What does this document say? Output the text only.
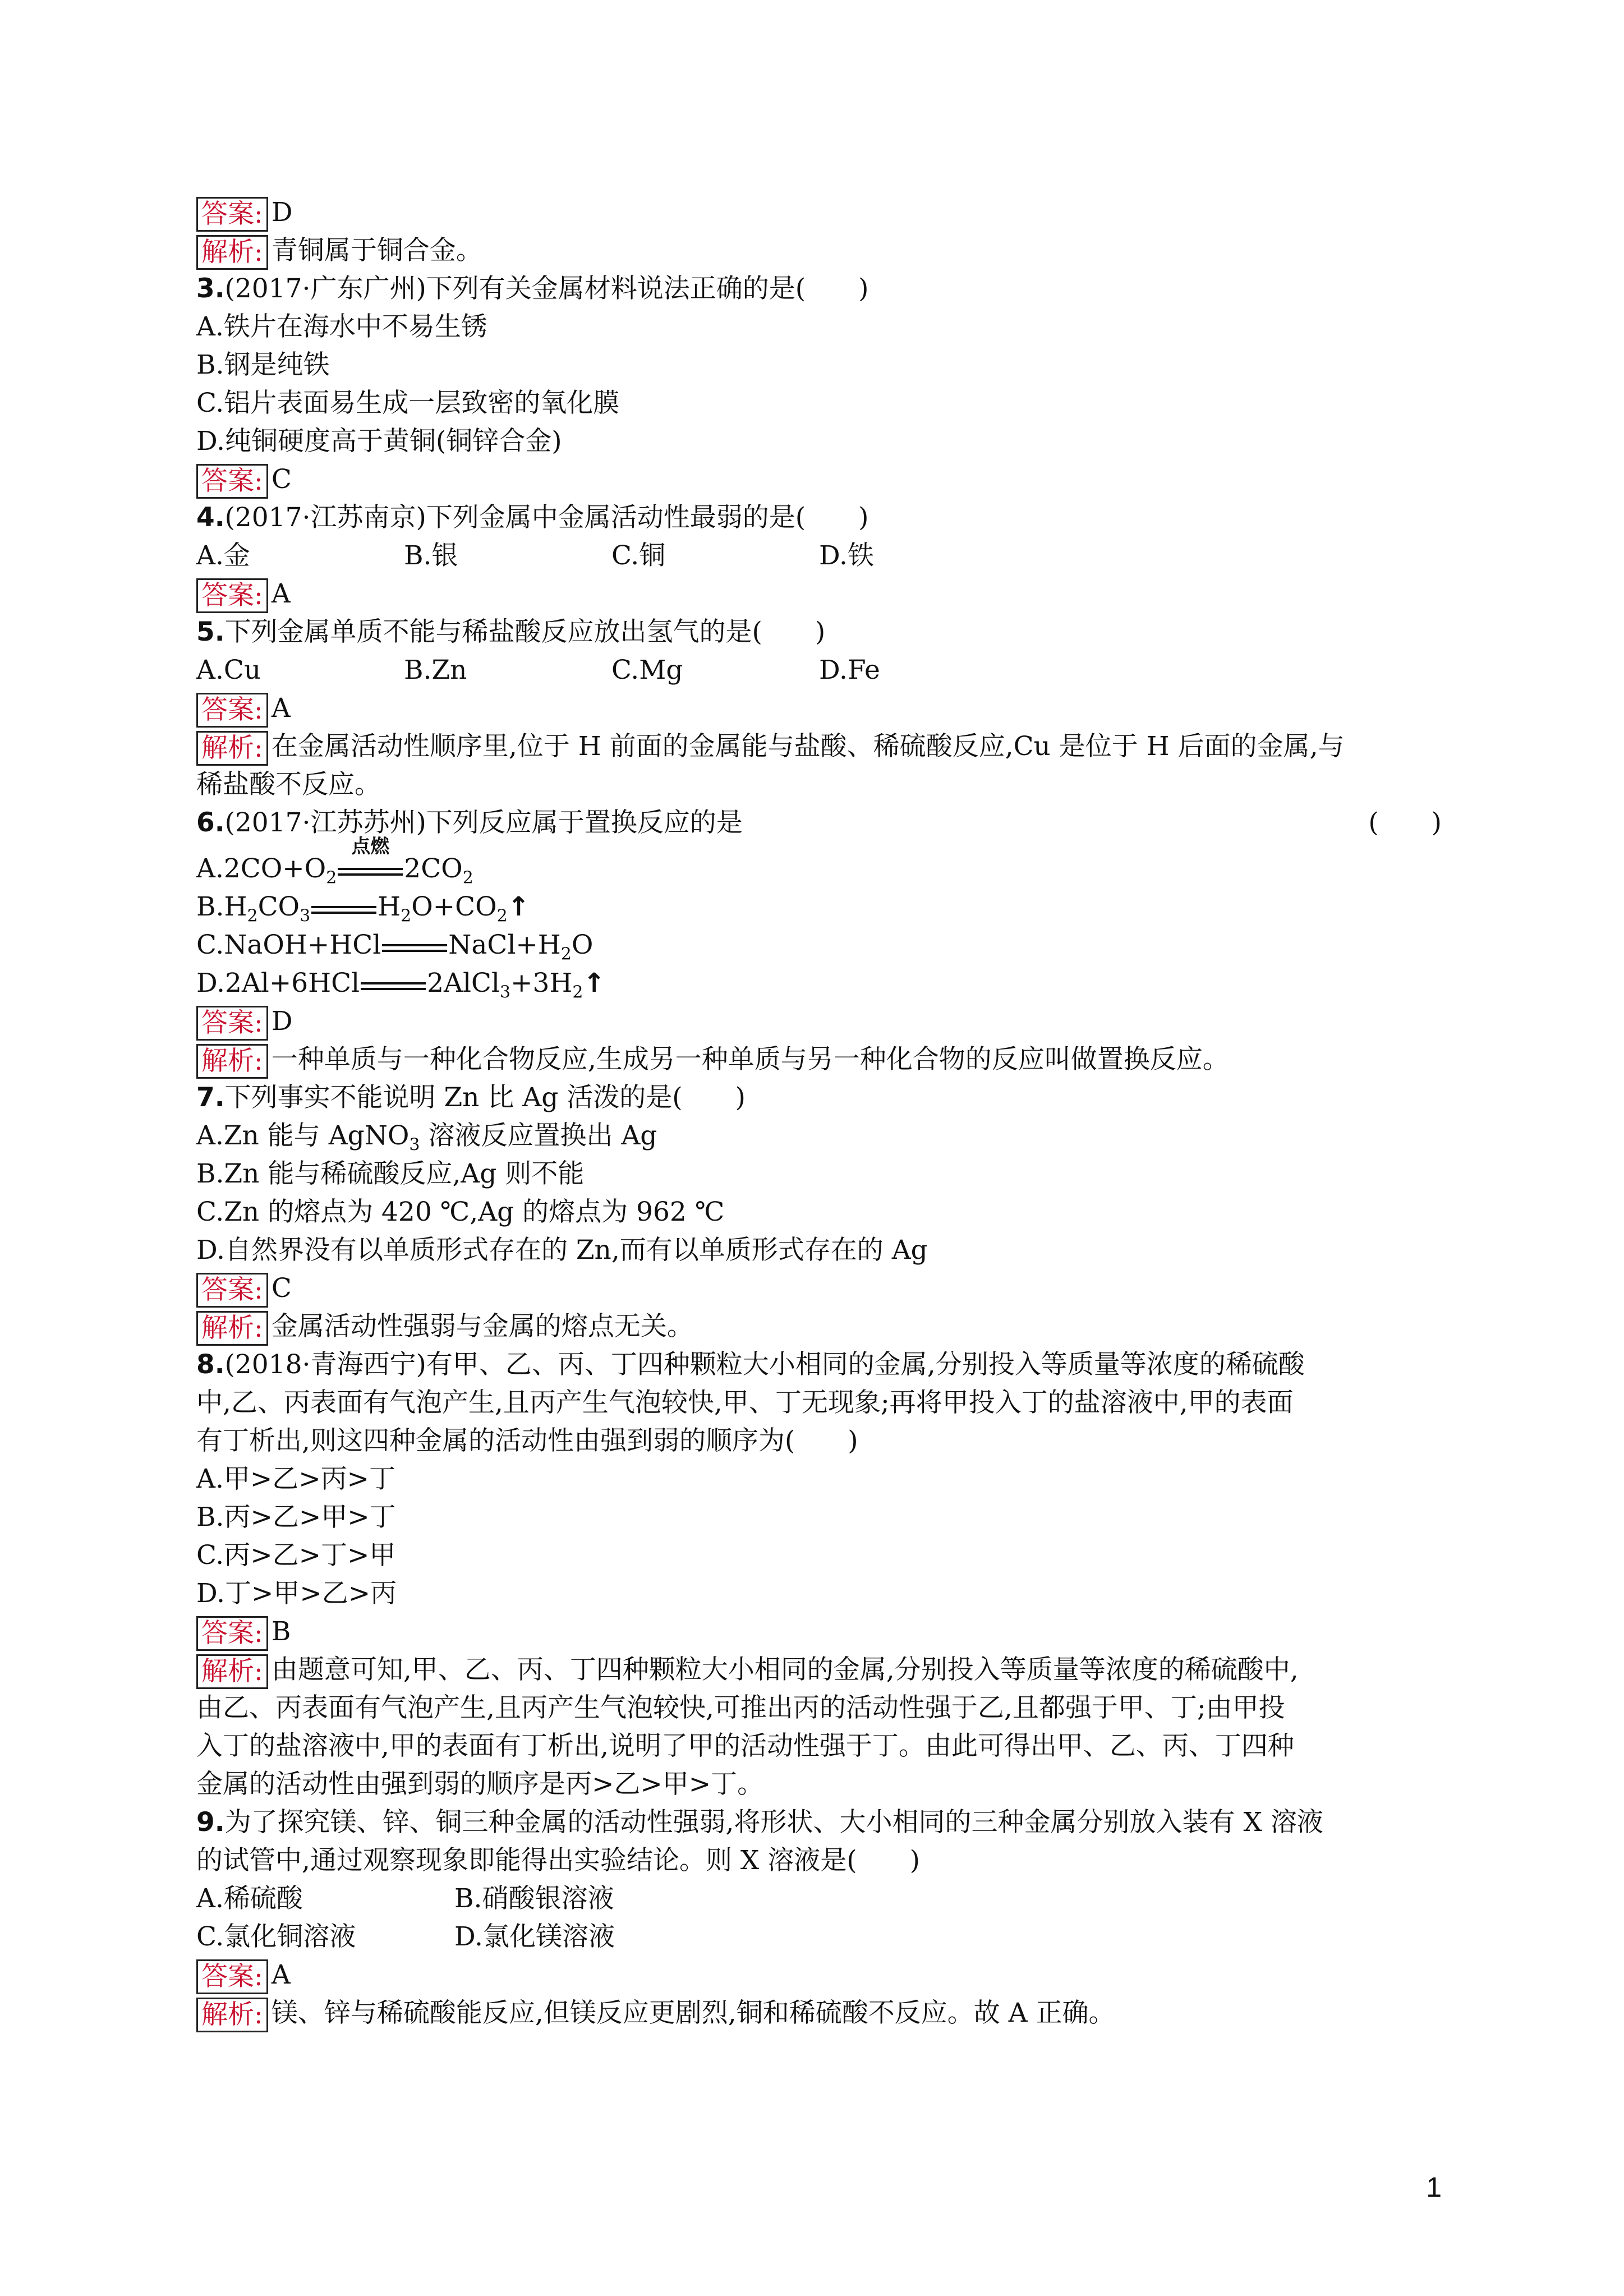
答案: D
解析: 青铜属于铜合金。
3.(2017·广东广州)下列有关金属材料说法正确的是(　　)
A.铁片在海水中不易生锈
B.钢是纯铁
C.铝片表面易生成一层致密的氧化膜
D.纯铜硬度高于黄铜(铜锌合金)
答案: C
4.(2017·江苏南京)下列金属中金属活动性最弱的是(　　)
A.金	B.银	C.铜	D.铁
答案: A
5.下列金属单质不能与稀盐酸反应放出氢气的是(　　)
A.Cu	B.Zn	C.Mg	D.Fe
答案: A
解析: 在金属活动性顺序里,位于 H 前面的金属能与盐酸、稀硫酸反应,Cu 是位于 H 后面的金属,与
稀盐酸不反应。
6.(2017·江苏苏州)下列反应属于置换反应的是	(　　)
$A.2CO+O_2$
点燃
$2CO_2$
$B.H_2CO_3$	$H_2O+CO_2↑$
C.NaOH+HCl	$NaCl+H_2O$
D.2Al+6HCl	$2AlCl_3+3H_2↑$
答案: D
解析: 一种单质与一种化合物反应,生成另一种单质与另一种化合物的反应叫做置换反应。
7.下列事实不能说明 Zn 比 Ag 活泼的是(　　)
A.Zn 能与 AgNO$_3$ 溶液反应置换出 Ag
B.Zn 能与稀硫酸反应,Ag 则不能
C.Zn 的熔点为 420 ℃,Ag 的熔点为 962 ℃
D.自然界没有以单质形式存在的 Zn,而有以单质形式存在的 Ag
答案: C
解析: 金属活动性强弱与金属的熔点无关。
8.(2018·青海西宁)有甲、乙、丙、丁四种颗粒大小相同的金属,分别投入等质量等浓度的稀硫酸
中,乙、丙表面有气泡产生,且丙产生气泡较快,甲、丁无现象;再将甲投入丁的盐溶液中,甲的表面
有丁析出,则这四种金属的活动性由强到弱的顺序为(　　)
A.甲>乙>丙>丁
B.丙>乙>甲>丁
C.丙>乙>丁>甲
D.丁>甲>乙>丙
答案: B
解析: 由题意可知,甲、乙、丙、丁四种颗粒大小相同的金属,分别投入等质量等浓度的稀硫酸中,
由乙、丙表面有气泡产生,且丙产生气泡较快,可推出丙的活动性强于乙,且都强于甲、丁;由甲投
入丁的盐溶液中,甲的表面有丁析出,说明了甲的活动性强于丁。由此可得出甲、乙、丙、丁四种
金属的活动性由强到弱的顺序是丙>乙>甲>丁。
9.为了探究镁、锌、铜三种金属的活动性强弱,将形状、大小相同的三种金属分别放入装有 X 溶液
的试管中,通过观察现象即能得出实验结论。则 X 溶液是(　　)
A.稀硫酸	B.硝酸银溶液
C.氯化铜溶液	D.氯化镁溶液
答案: A
解析: 镁、锌与稀硫酸能反应,但镁反应更剧烈,铜和稀硫酸不反应。故 A 正确。
1
